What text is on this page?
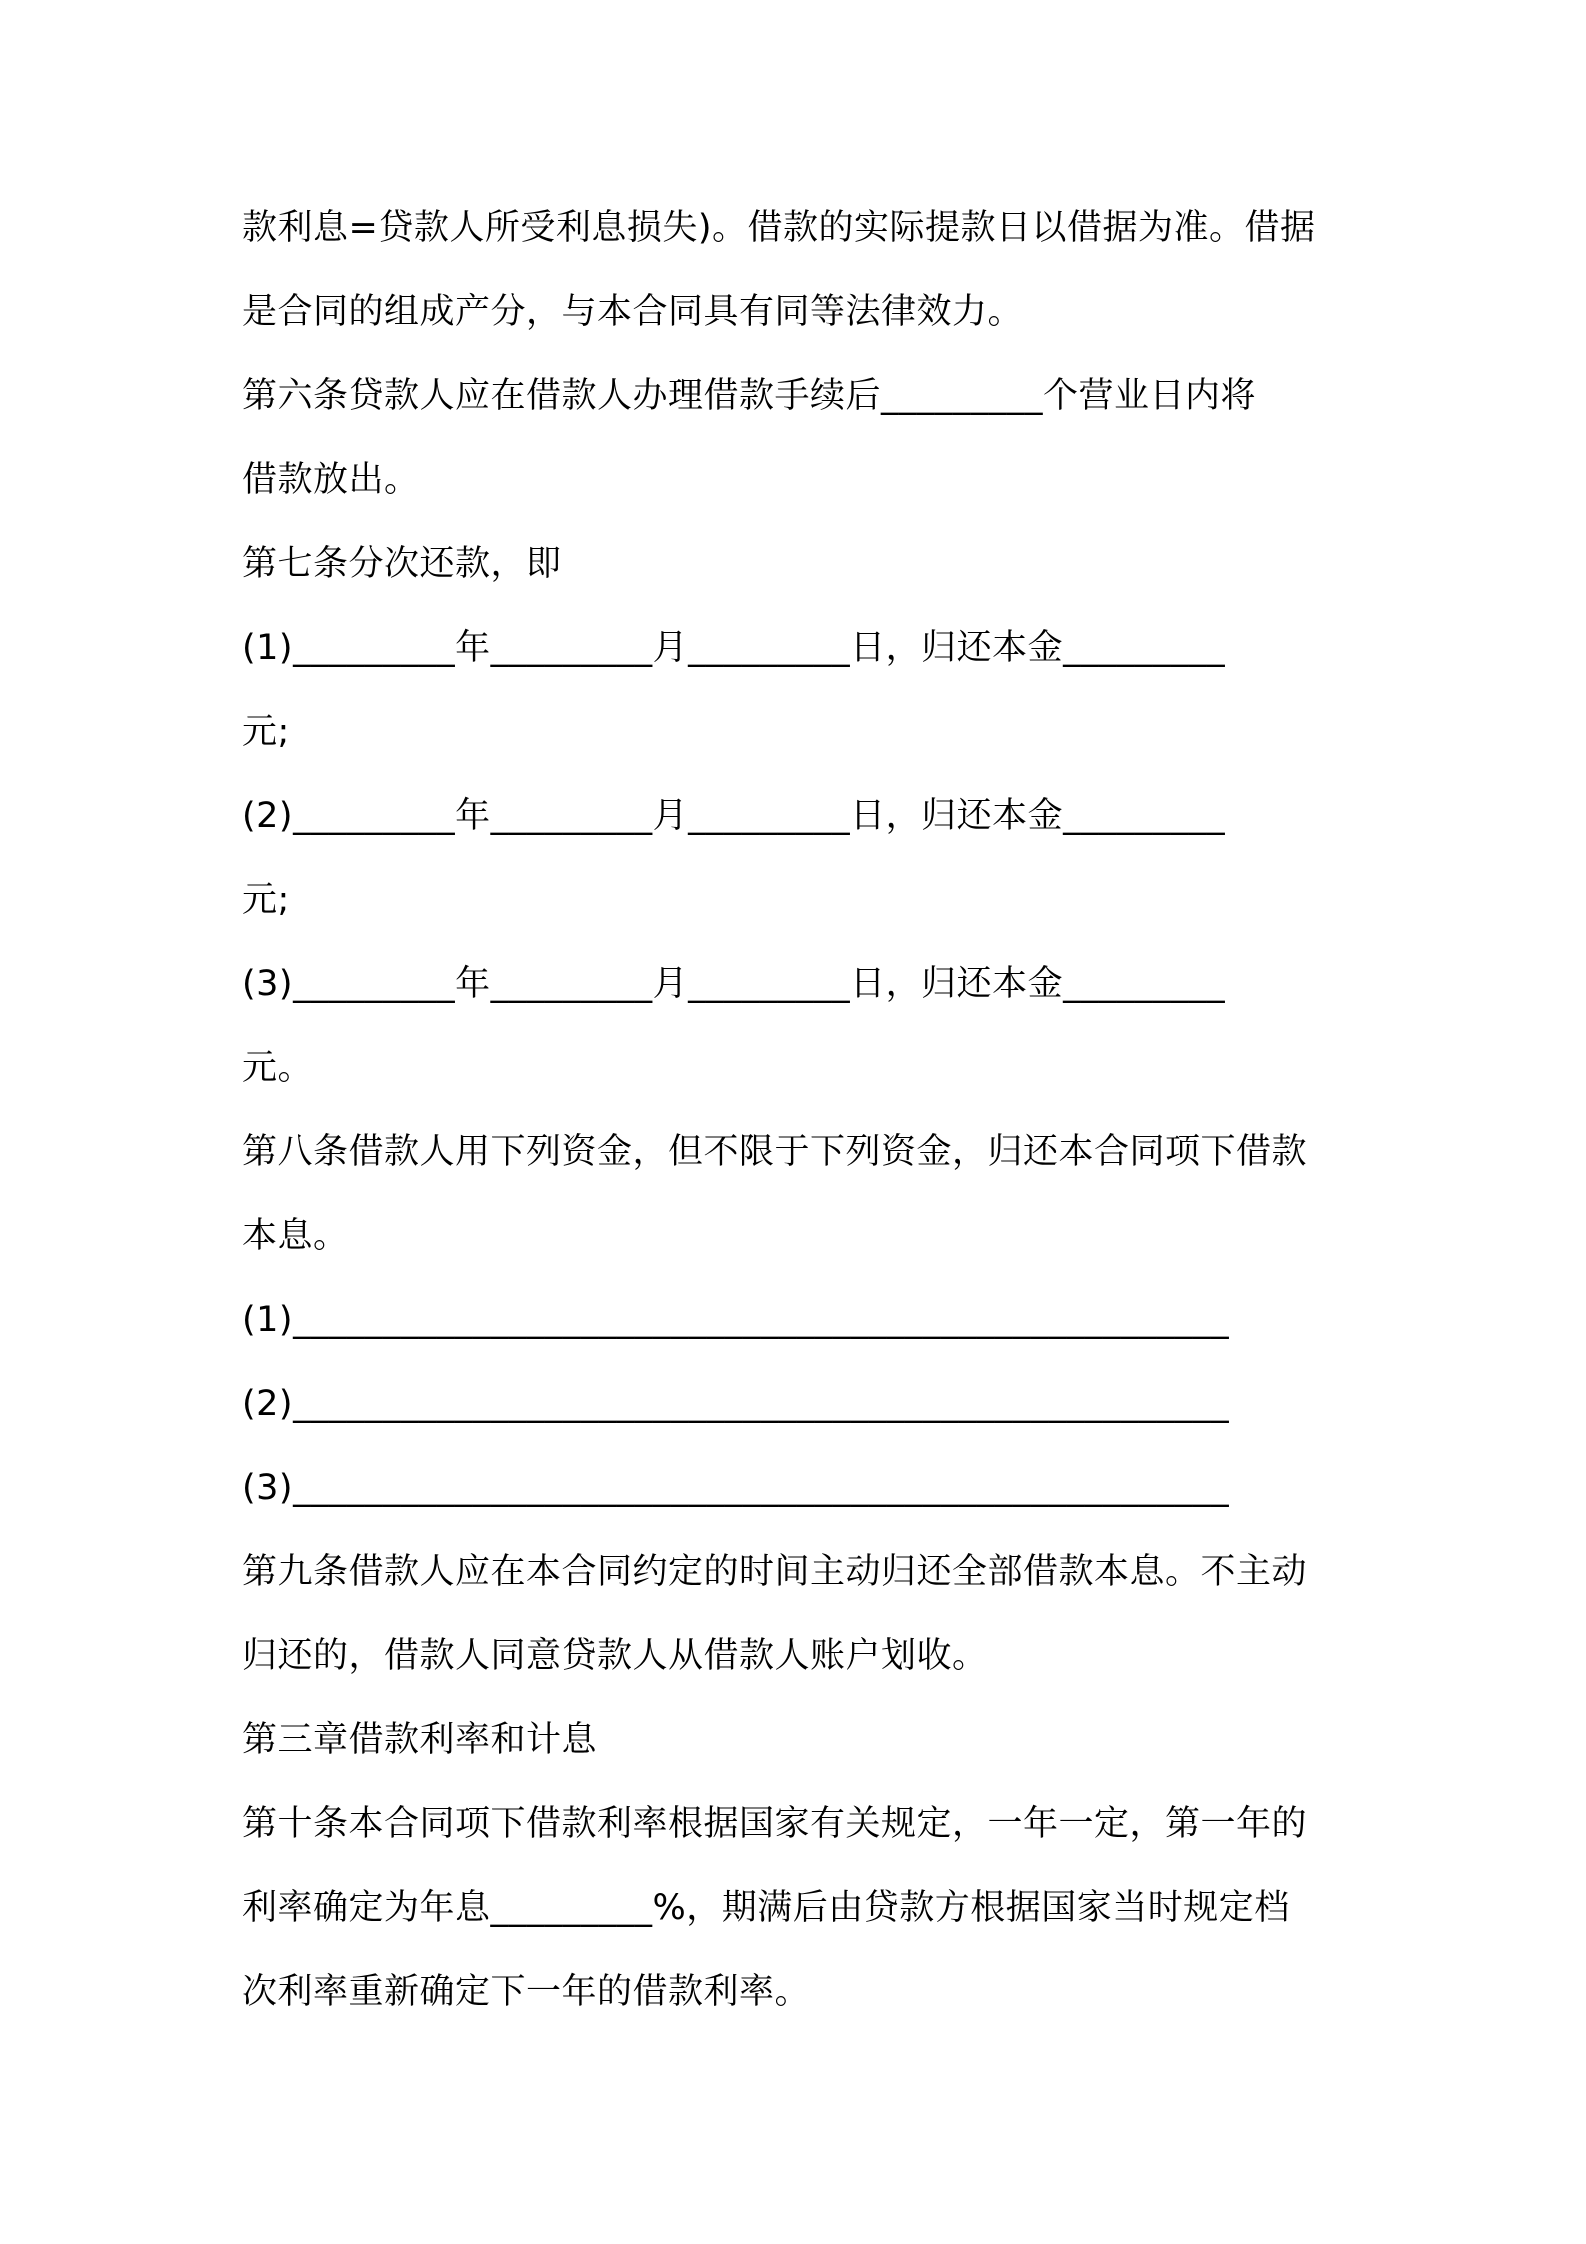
款利息=贷款人所受利息损失)。借款的实际提款日以借据为准。借据
是合同的组成产分，与本合同具有同等法律效力。
第六条贷款人应在借款人办理借款手续后_________个营业日内将
借款放出。
第七条分次还款，即
(1)_________年_________月_________日，归还本金_________
元;
(2)_________年_________月_________日，归还本金_________
元;
(3)_________年_________月_________日，归还本金_________
元。
第八条借款人用下列资金，但不限于下列资金，归还本合同项下借款
本息。
(1)____________________________________________________
(2)____________________________________________________
(3)____________________________________________________
第九条借款人应在本合同约定的时间主动归还全部借款本息。不主动
归还的，借款人同意贷款人从借款人账户划收。
第三章借款利率和计息
第十条本合同项下借款利率根据国家有关规定，一年一定，第一年的
利率确定为年息_________%，期满后由贷款方根据国家当时规定档
次利率重新确定下一年的借款利率。
